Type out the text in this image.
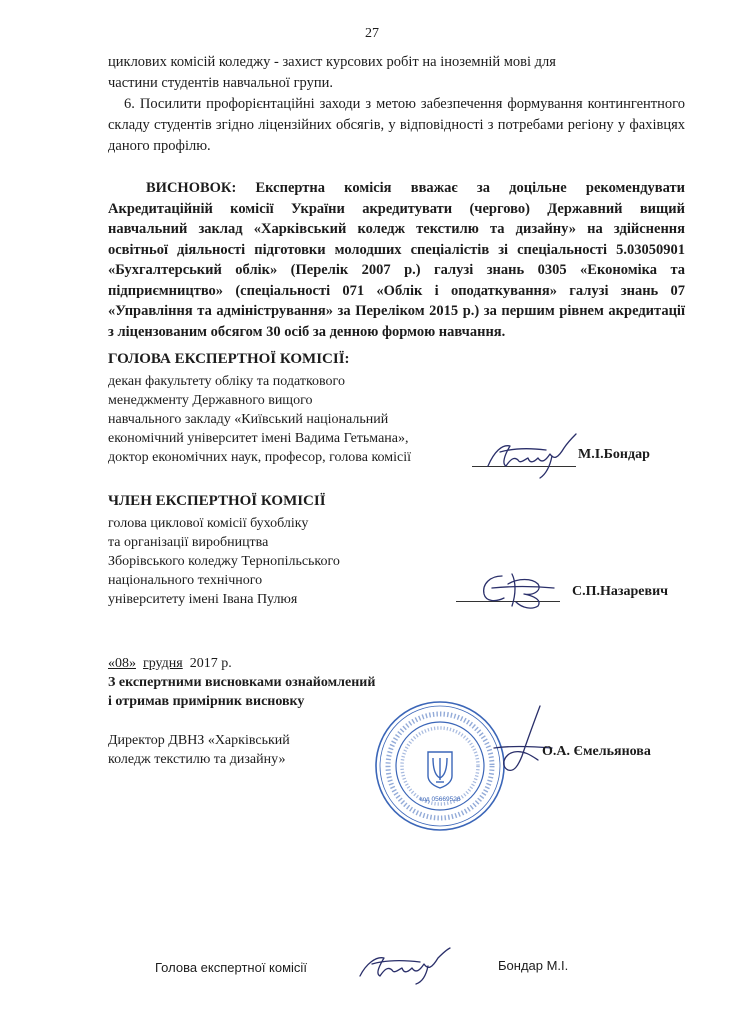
27
циклових комісій коледжу - захист курсових робіт на іноземній мові для
частини студентів навчальної групи.
6. Посилити профорієнтаційні заходи з метою забезпечення формування контингентного складу студентів згідно ліцензійних обсягів, у відповідності з потребами регіону у фахівцях даного профілю.
ВИСНОВОК: Експертна комісія вважає за доцільне рекомендувати Акредитаційній комісії України акредитувати (чергово) Державний вищий навчальний заклад «Харківський коледж текстилю та дизайну» на здійснення освітньої діяльності підготовки молодших спеціалістів зі спеціальності 5.03050901 «Бухгалтерський облік» (Перелік 2007 р.) галузі знань 0305 «Економіка та підприємництво» (спеціальності 071 «Облік і оподаткування» галузі знань 07 «Управління та адміністрування» за Переліком 2015 р.) за першим рівнем акредитації з ліцензованим обсягом 30 осіб за денною формою навчання.
ГОЛОВА ЕКСПЕРТНОЇ КОМІСІЇ:
декан факультету обліку та податкового
менеджменту Державного вищого
навчального закладу «Київський національний
економічний університет імені Вадима Гетьмана»,
доктор економічних наук, професор, голова комісії	М.І.Бондар
ЧЛЕН ЕКСПЕРТНОЇ КОМІСІЇ
голова циклової комісії бухобліку
та організації виробництва
Зборівського коледжу Тернопільського
національного технічного
університету імені Івана Пулюя
С.П.Назаревич
«08» грудня 2017 р.
З експертними висновками ознайомлений
і отримав примірник висновку
Директор ДВНЗ «Харківський
коледж текстилю та дизайну»
код 05669526
О.А. Ємельянова
Голова експертної комісії	Бондар М.І.
